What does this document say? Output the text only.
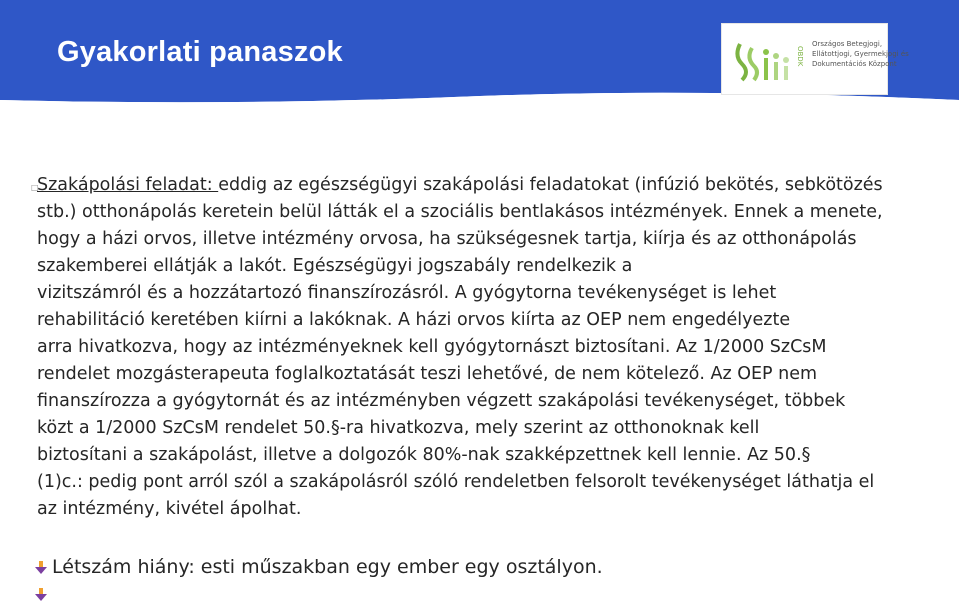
Gyakorlati panaszok	OBDK
Országos Betegjogi,
Ellátottjogi, Gyermekjogi és
Dokumentációs Központ
□
Szakápolási feladat: eddig az egészségügyi szakápolási feladatokat (infúzió bekötés, sebkötözés
stb.) otthonápolás keretein belül látták el a szociális bentlakásos intézmények. Ennek a menete,
hogy a házi orvos, illetve intézmény orvosa, ha szükségesnek tartja, kiírja és az otthonápolás
szakemberei ellátják a lakót. Egészségügyi jogszabály rendelkezik a
vizitszámról és a hozzátartozó finanszírozásról. A gyógytorna tevékenységet is lehet
rehabilitáció keretében kiírni a lakóknak. A házi orvos kiírta az OEP nem engedélyezte
arra hivatkozva, hogy az intézményeknek kell gyógytornászt biztosítani. Az 1/2000 SzCsM
rendelet mozgásterapeuta foglalkoztatását teszi lehetővé, de nem kötelező. Az OEP nem
finanszírozza a gyógytornát és az intézményben végzett szakápolási tevékenységet, többek
közt a 1/2000 SzCsM rendelet 50.§-ra hivatkozva, mely szerint az otthonoknak kell
biztosítani a szakápolást, illetve a dolgozók 80%-nak szakképzettnek kell lennie. Az 50.§
(1)c.: pedig pont arról szól a szakápolásról szóló rendeletben felsorolt tevékenységet láthatja el
az intézmény, kivétel ápolhat.
Létszám hiány: esti műszakban egy ember egy osztályon.
